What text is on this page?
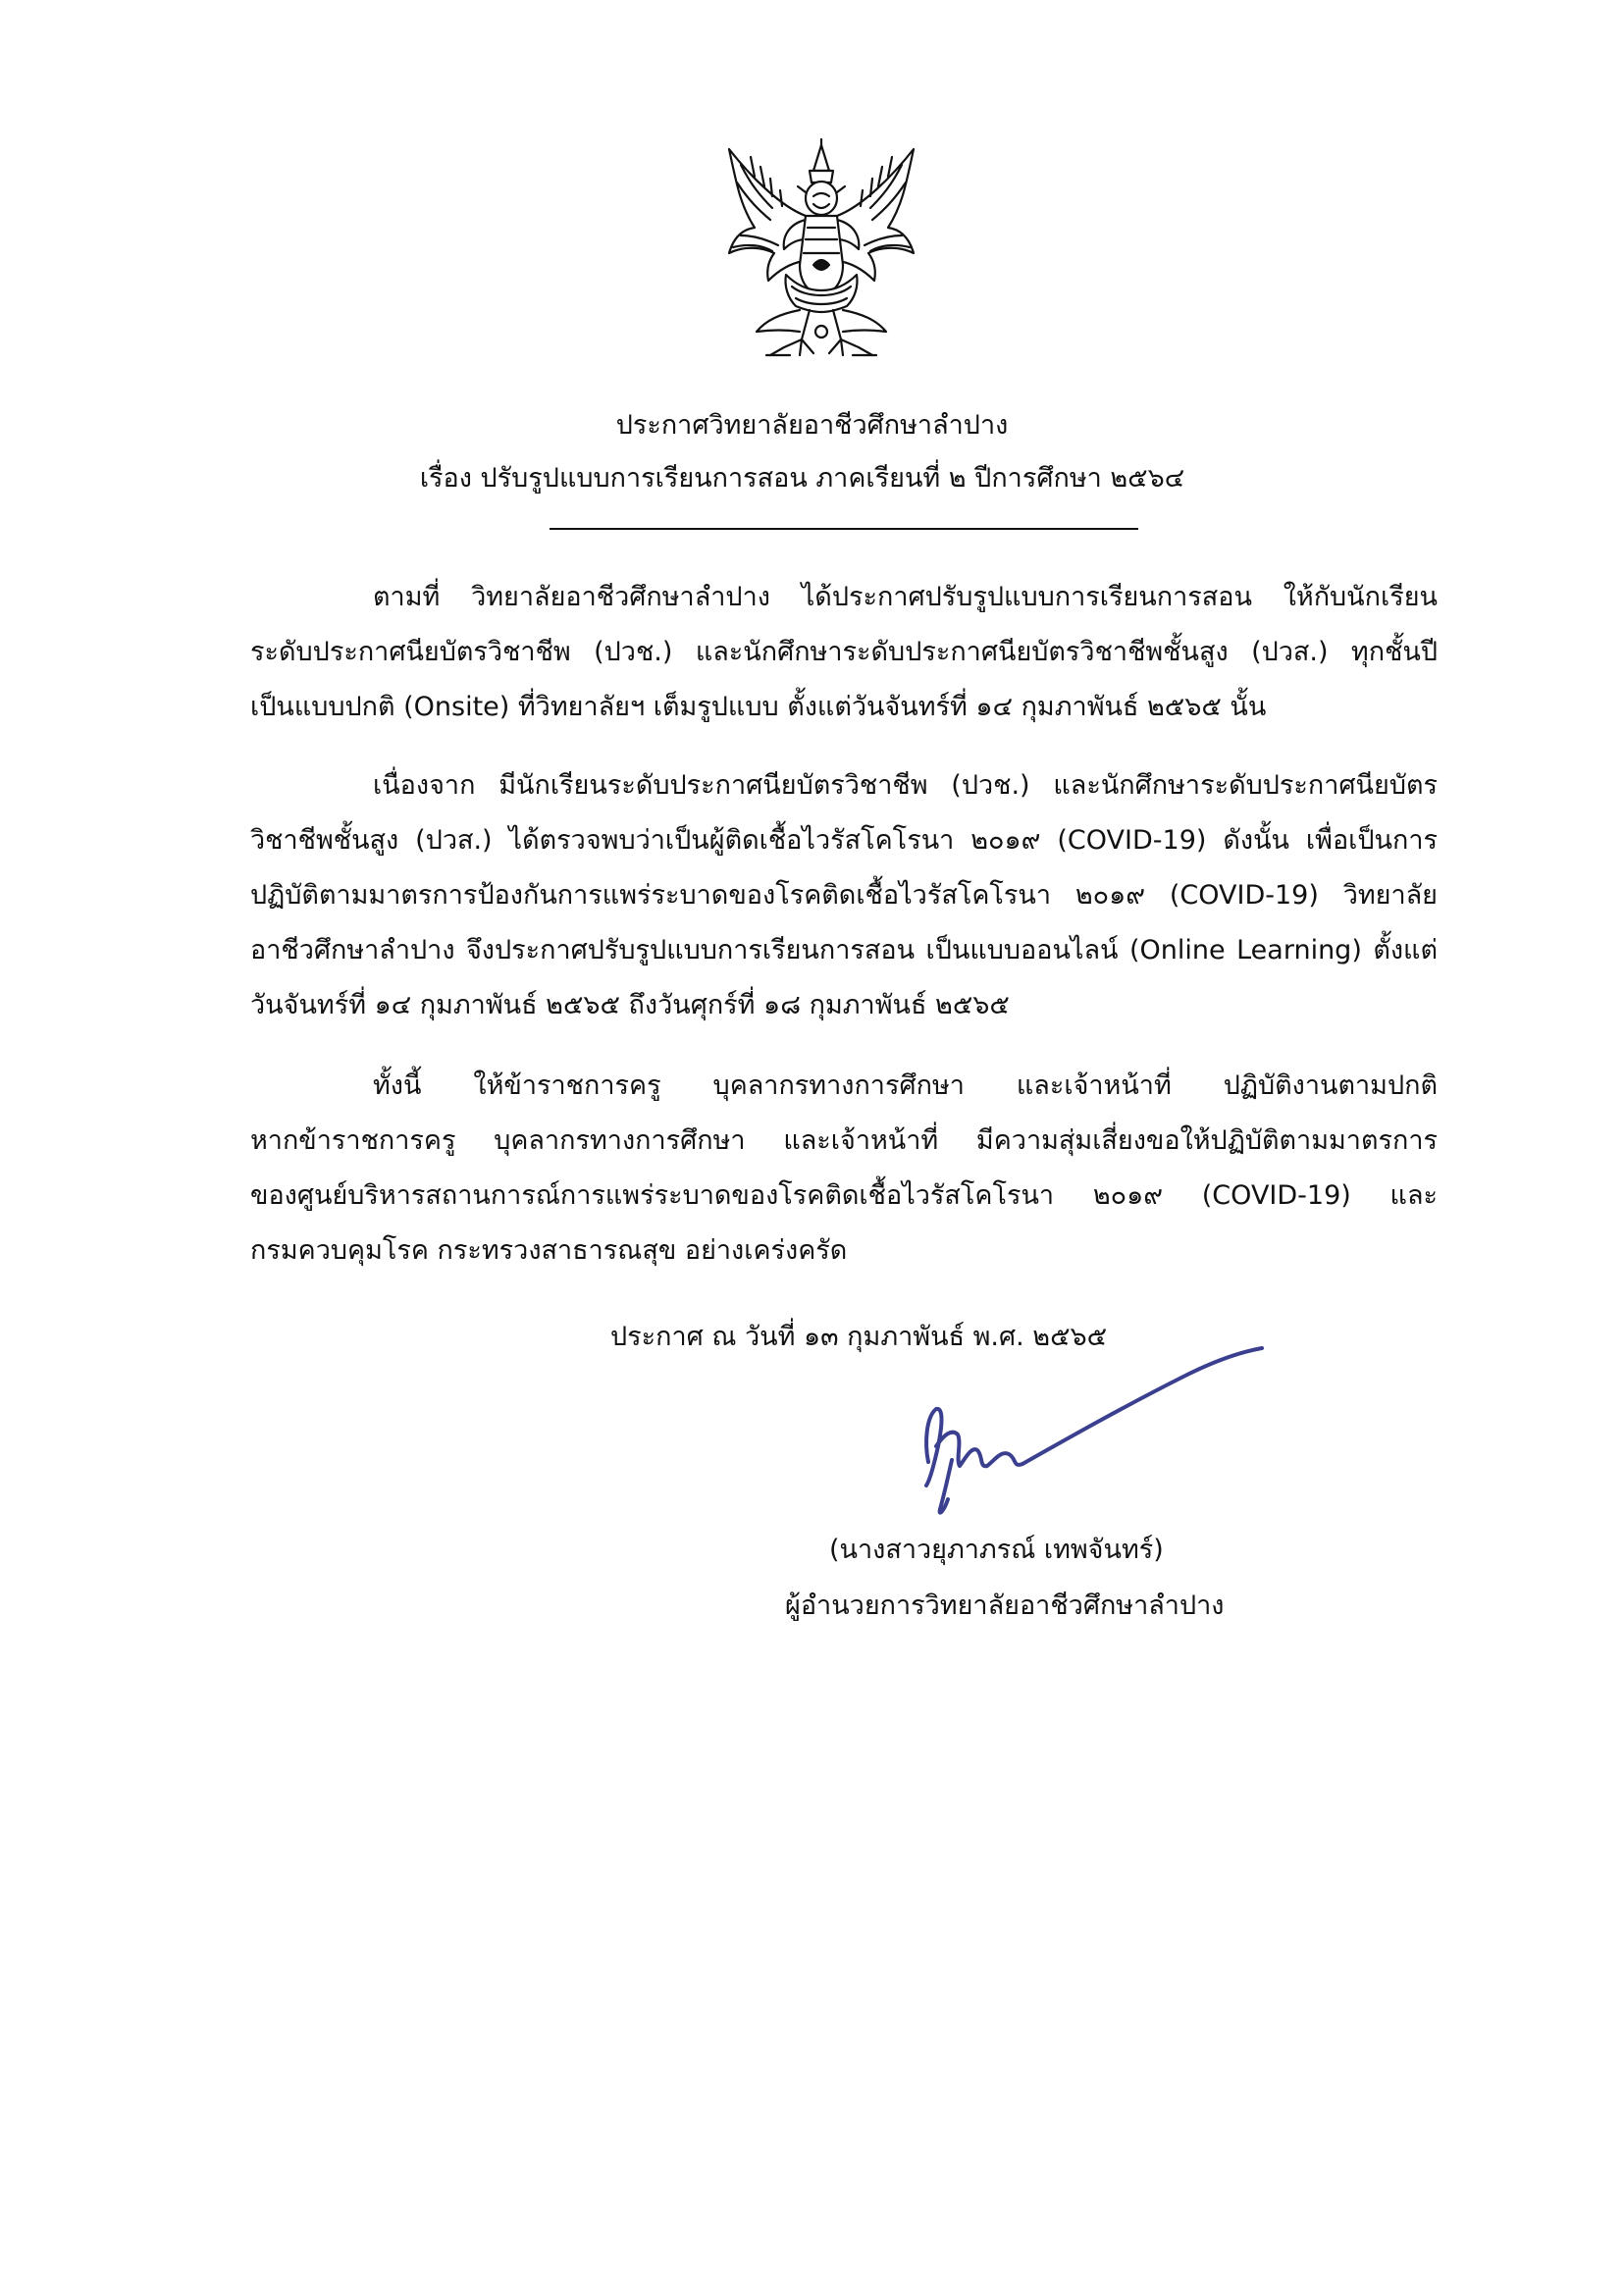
ประกาศวิทยาลัยอาชีวศึกษาลำปาง
เรื่อง ปรับรูปแบบการเรียนการสอน ภาคเรียนที่ ๒ ปีการศึกษา ๒๕๖๔
ตามที่ วิทยาลัยอาชีวศึกษาลำปาง ได้ประกาศปรับรูปแบบการเรียนการสอน ให้กับนักเรียน
ระดับประกาศนียบัตรวิชาชีพ (ปวช.) และนักศึกษาระดับประกาศนียบัตรวิชาชีพชั้นสูง (ปวส.) ทุกชั้นปี
เป็นแบบปกติ (Onsite) ที่วิทยาลัยฯ เต็มรูปแบบ ตั้งแต่วันจันทร์ที่ ๑๔ กุมภาพันธ์ ๒๕๖๕ นั้น
เนื่องจาก มีนักเรียนระดับประกาศนียบัตรวิชาชีพ (ปวช.) และนักศึกษาระดับประกาศนียบัตร
วิชาชีพชั้นสูง (ปวส.) ได้ตรวจพบว่าเป็นผู้ติดเชื้อไวรัสโคโรนา ๒๐๑๙ (COVID-19) ดังนั้น เพื่อเป็นการ
ปฏิบัติตามมาตรการป้องกันการแพร่ระบาดของโรคติดเชื้อไวรัสโคโรนา ๒๐๑๙ (COVID-19) วิทยาลัย
อาชีวศึกษาลำปาง จึงประกาศปรับรูปแบบการเรียนการสอน เป็นแบบออนไลน์ (Online Learning) ตั้งแต่
วันจันทร์ที่ ๑๔ กุมภาพันธ์ ๒๕๖๕ ถึงวันศุกร์ที่ ๑๘ กุมภาพันธ์ ๒๕๖๕
ทั้งนี้ ให้ข้าราชการครู บุคลากรทางการศึกษา และเจ้าหน้าที่ ปฏิบัติงานตามปกติ
หากข้าราชการครู บุคลากรทางการศึกษา และเจ้าหน้าที่ มีความสุ่มเสี่ยงขอให้ปฏิบัติตามมาตรการ
ของศูนย์บริหารสถานการณ์การแพร่ระบาดของโรคติดเชื้อไวรัสโคโรนา ๒๐๑๙ (COVID-19) และ
กรมควบคุมโรค กระทรวงสาธารณสุข อย่างเคร่งครัด
ประกาศ ณ วันที่ ๑๓ กุมภาพันธ์ พ.ศ. ๒๕๖๕
(นางสาวยุภาภรณ์ เทพจันทร์)
ผู้อำนวยการวิทยาลัยอาชีวศึกษาลำปาง
